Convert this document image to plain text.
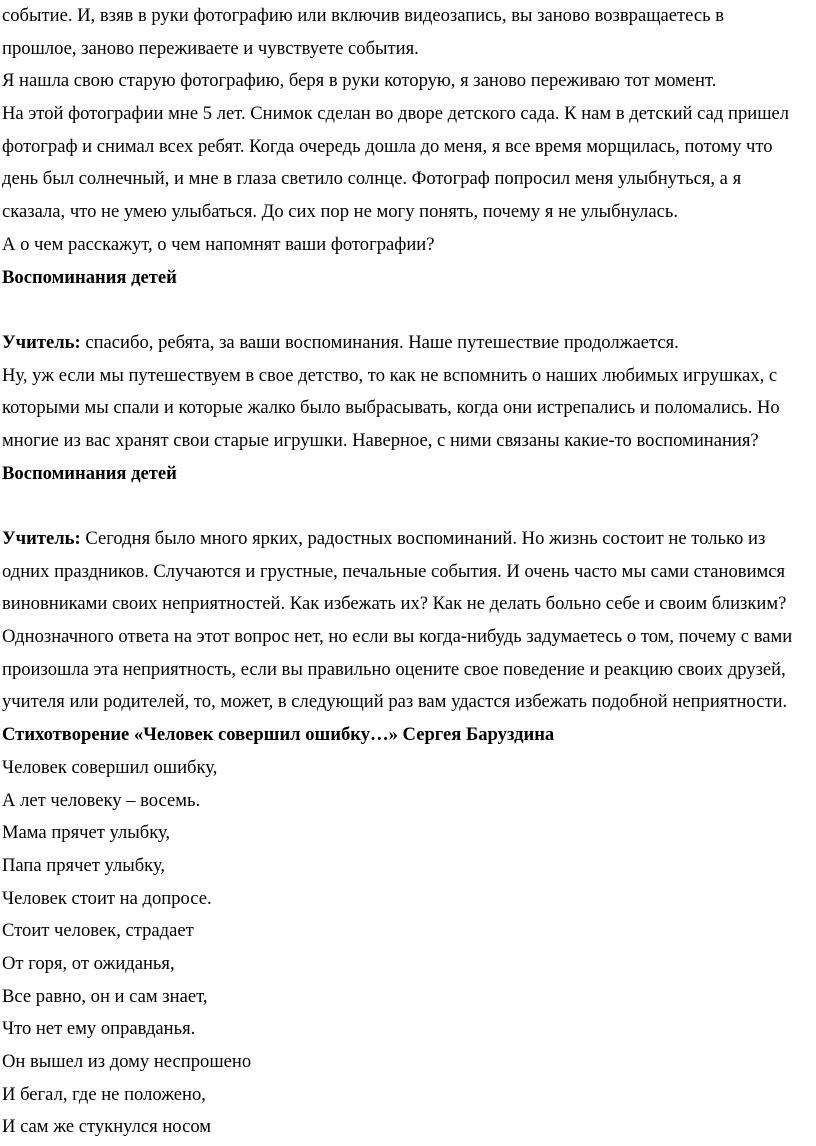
событие. И, взяв в руки фотографию или включив видеозапись, вы заново возвращаетесь в
прошлое, заново переживаете и чувствуете события.
Я нашла свою старую фотографию, беря в руки которую, я заново переживаю тот момент.
На этой фотографии мне 5 лет. Снимок сделан во дворе детского сада. К нам в детский сад пришел
фотограф и снимал всех ребят. Когда очередь дошла до меня, я все время морщилась, потому что
день был солнечный, и мне в глаза светило солнце. Фотограф попросил меня улыбнуться, а я
сказала, что не умею улыбаться. До сих пор не могу понять, почему я не улыбнулась.
А о чем расскажут, о чем напомнят ваши фотографии?
Воспоминания детей
Учитель: спасибо, ребята, за ваши воспоминания. Наше путешествие продолжается.
Ну, уж если мы путешествуем в свое детство, то как не вспомнить о наших любимых игрушках, с
которыми мы спали и которые жалко было выбрасывать, когда они истрепались и поломались. Но
многие из вас хранят свои старые игрушки. Наверное, с ними связаны какие-то воспоминания?
Воспоминания детей
Учитель: Сегодня было много ярких, радостных воспоминаний. Но жизнь состоит не только из
одних праздников. Случаются и грустные, печальные события. И очень часто мы сами становимся
виновниками своих неприятностей. Как избежать их? Как не делать больно себе и своим близким?
Однозначного ответа на этот вопрос нет, но если вы когда-нибудь задумаетесь о том, почему с вами
произошла эта неприятность, если вы правильно оцените свое поведение и реакцию своих друзей,
учителя или родителей, то, может, в следующий раз вам удастся избежать подобной неприятности.
Стихотворение «Человек совершил ошибку…» Сергея Баруздина
Человек совершил ошибку,
А лет человеку – восемь.
Мама прячет улыбку,
Папа прячет улыбку,
Человек стоит на допросе.
Стоит человек, страдает
От горя, от ожиданья,
Все равно, он и сам знает,
Что нет ему оправданья.
Он вышел из дому неспрошено
И бегал, где не положено,
И сам же стукнулся носом
